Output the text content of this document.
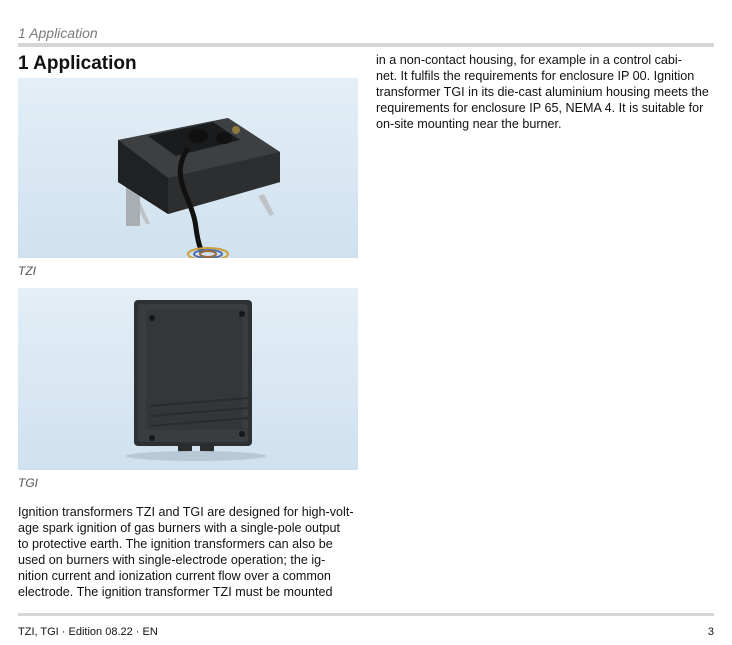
1 Application
1 Application
TZI
TGI
Ignition transformers TZI and TGI are designed for high-volt-
age spark ignition of gas burners with a single-pole output
to protective earth. The ignition transformers can also be
used on burners with single-electrode operation; the ig-
nition current and ionization current flow over a common
electrode. The ignition transformer TZI must be mounted
in a non-contact housing, for example in a control cabi-
net. It fulfils the requirements for enclosure IP 00. Ignition
transformer TGI in its die-cast aluminium housing meets the
requirements for enclosure IP 65, NEMA 4. It is suitable for
on-site mounting near the burner.
TZI, TGI · Edition 08.22 · EN	3
